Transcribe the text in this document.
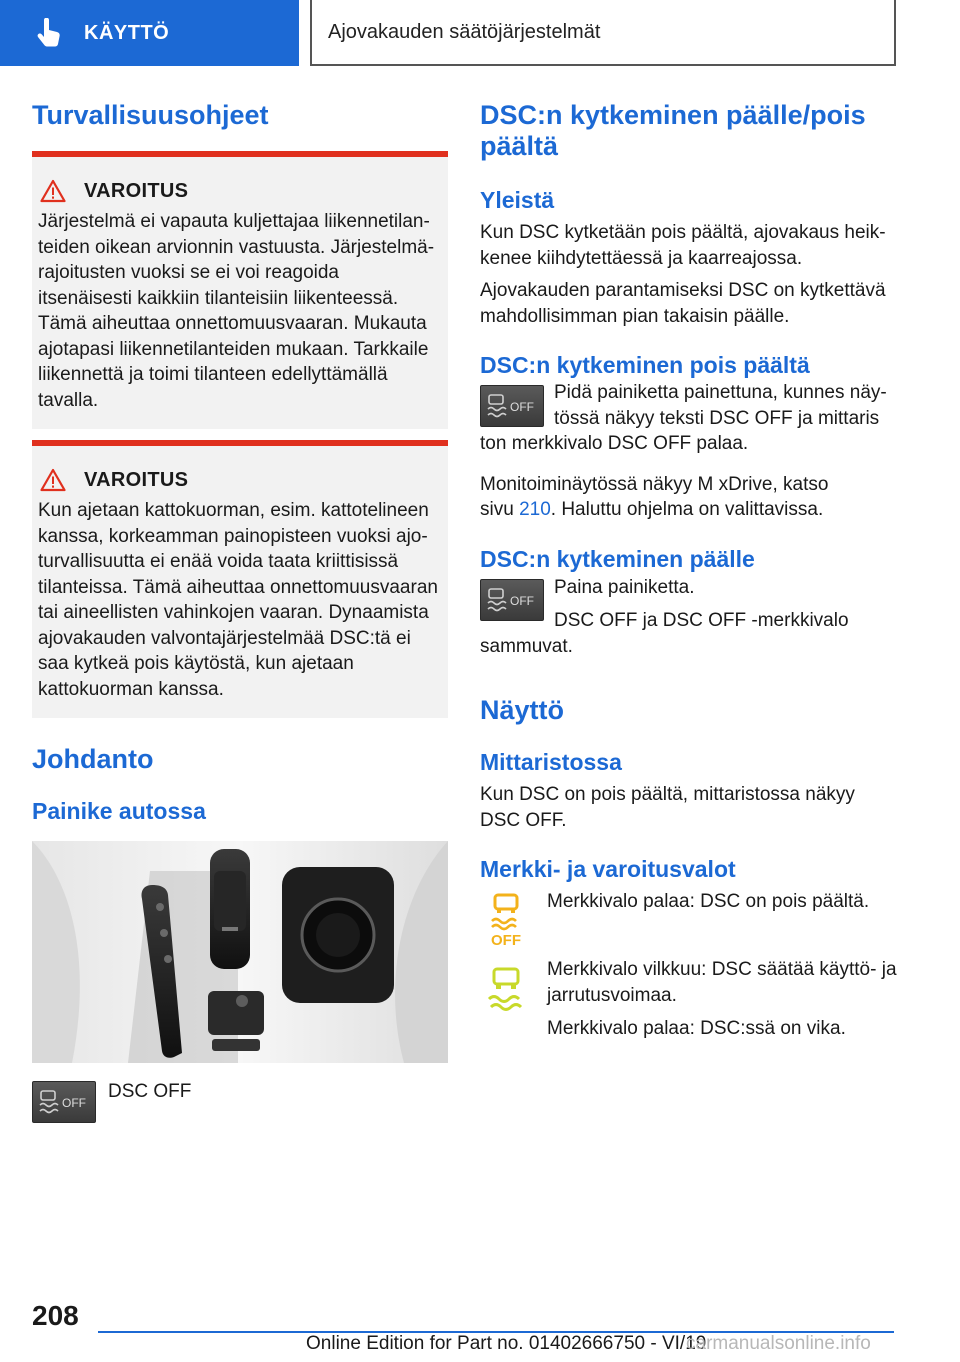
KÄYTTÖ	Ajovakauden säätöjärjestelmät
Turvallisuusohjeet
VAROITUS

Järjestelmä ei vapauta kuljettajaa liikennetilanteiden oikean arvionnin vastuusta. Järjestelmärajoitusten vuoksi se ei voi reagoida itsenäisesti kaikkiin tilanteisiin liikenteessä. Tämä aiheuttaa onnettomuusvaaran. Mukauta ajotapasi liikennetilanteiden mukaan. Tarkkaile liikennettä ja toimi tilanteen edellyttämällä tavalla.

VAROITUS

Kun ajetaan kattokuorman, esim. kattotelineen kanssa, korkeamman painopisteen vuoksi ajoturvallisuutta ei enää voida taata kriittisissä tilanteissa. Tämä aiheuttaa onnettomuusvaaran tai aineellisten vahinkojen vaaran. Dynaamista ajovakauden valvontajärjestelmää DSC:tä ei saa kytkeä pois käytöstä, kun ajetaan kattokuorman kanssa.

Johdanto
Painike autossa
OFF

DSC OFF

DSC:n kytkeminen päälle/pois päältä
Yleistä

Kun DSC kytketään pois päältä, ajovakaus heikkenee kiihdytettäessä ja kaarreajossa.

Ajovakauden parantamiseksi DSC on kytkettävä mahdollisimman pian takaisin päälle.

DSC:n kytkeminen pois päältä
OFF

Pidä painiketta painettuna, kunnes näytössä näkyy teksti DSC OFF ja mittaris

ton merkkivalo DSC OFF palaa.

Monitoiminäytössä näkyy M xDrive, katso sivu 210. Haluttu ohjelma on valittavissa.

DSC:n kytkeminen päälle
OFF

Paina painiketta.

DSC OFF ja DSC OFF -merkkivalo

sammuvat.

Näyttö
Mittaristossa

Kun DSC on pois päältä, mittaristossa näkyy DSC OFF.

Merkki- ja varoitusvalot
OFF

Merkkivalo palaa: DSC on pois päältä.

Merkkivalo vilkkuu: DSC säätää käyttö- ja jarrutusvoimaa.

Merkkivalo palaa: DSC:ssä on vika.

208
Online Edition for Part no. 01402666750 - VI/19
carmanualsonline.info
